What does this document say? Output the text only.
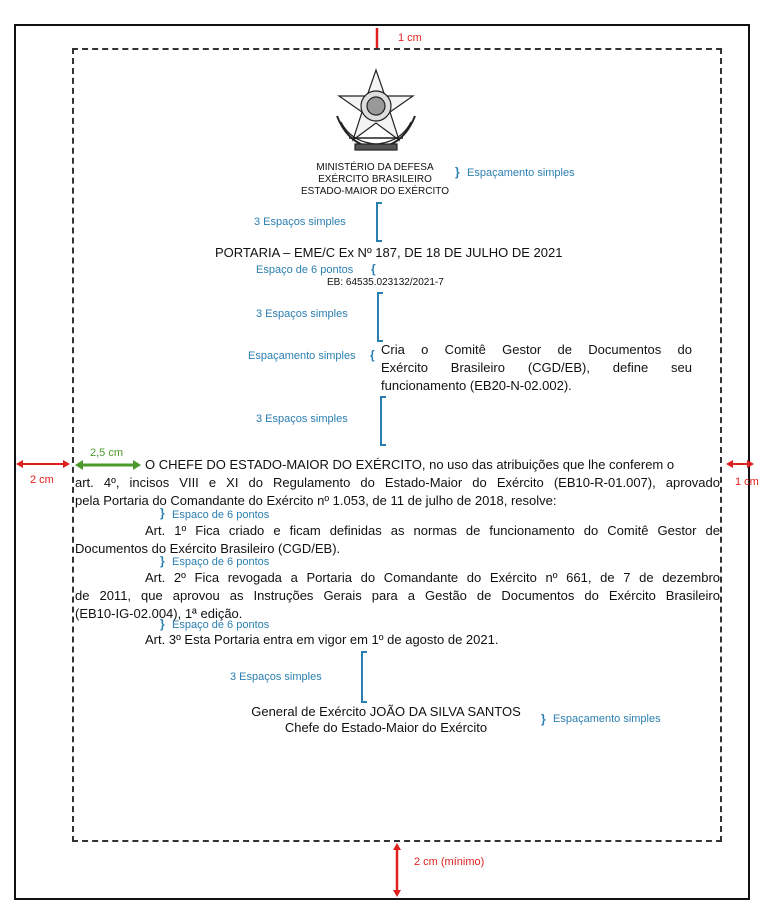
1 cm
MINISTÉRIO DA DEFESA
EXÉRCITO BRASILEIRO
ESTADO-MAIOR DO EXÉRCITO
} Espaçamento simples
3 Espaços simples
PORTARIA – EME/C Ex Nº 187, DE 18 DE JULHO DE 2021
Espaço de 6 pontos {
EB: 64535.023132/2021-7
3 Espaços simples
Espaçamento simples { Cria o Comitê Gestor de Documentos do
Exército Brasileiro (CGD/EB), define seu
funcionamento (EB20-N-02.002).
3 Espaços simples
2 cm
2,5 cm
1 cm
O CHEFE DO ESTADO-MAIOR DO EXÉRCITO, no uso das atribuições que lhe conferem o
art. 4º, incisos VIII e XI do Regulamento do Estado-Maior do Exército (EB10-R-01.007), aprovado
pela Portaria do Comandante do Exército nº 1.053, de 11 de julho de 2018, resolve:
} Espaco de 6 pontos
Art. 1º Fica criado e ficam definidas as normas de funcionamento do Comitê Gestor de
Documentos do Exército Brasileiro (CGD/EB).
} Espaço de 6 pontos
Art. 2º Fica revogada a Portaria do Comandante do Exército nº 661, de 7 de dezembro
de 2011, que aprovou as Instruções Gerais para a Gestão de Documentos do Exército Brasileiro
(EB10-IG-02.004), 1ª edição.
} Espaço de 6 pontos
Art. 3º Esta Portaria entra em vigor em 1º de agosto de 2021.
3 Espaços simples
General de Exército JOÃO DA SILVA SANTOS
Chefe do Estado-Maior do Exército
} Espaçamento simples
2 cm (mínimo)
